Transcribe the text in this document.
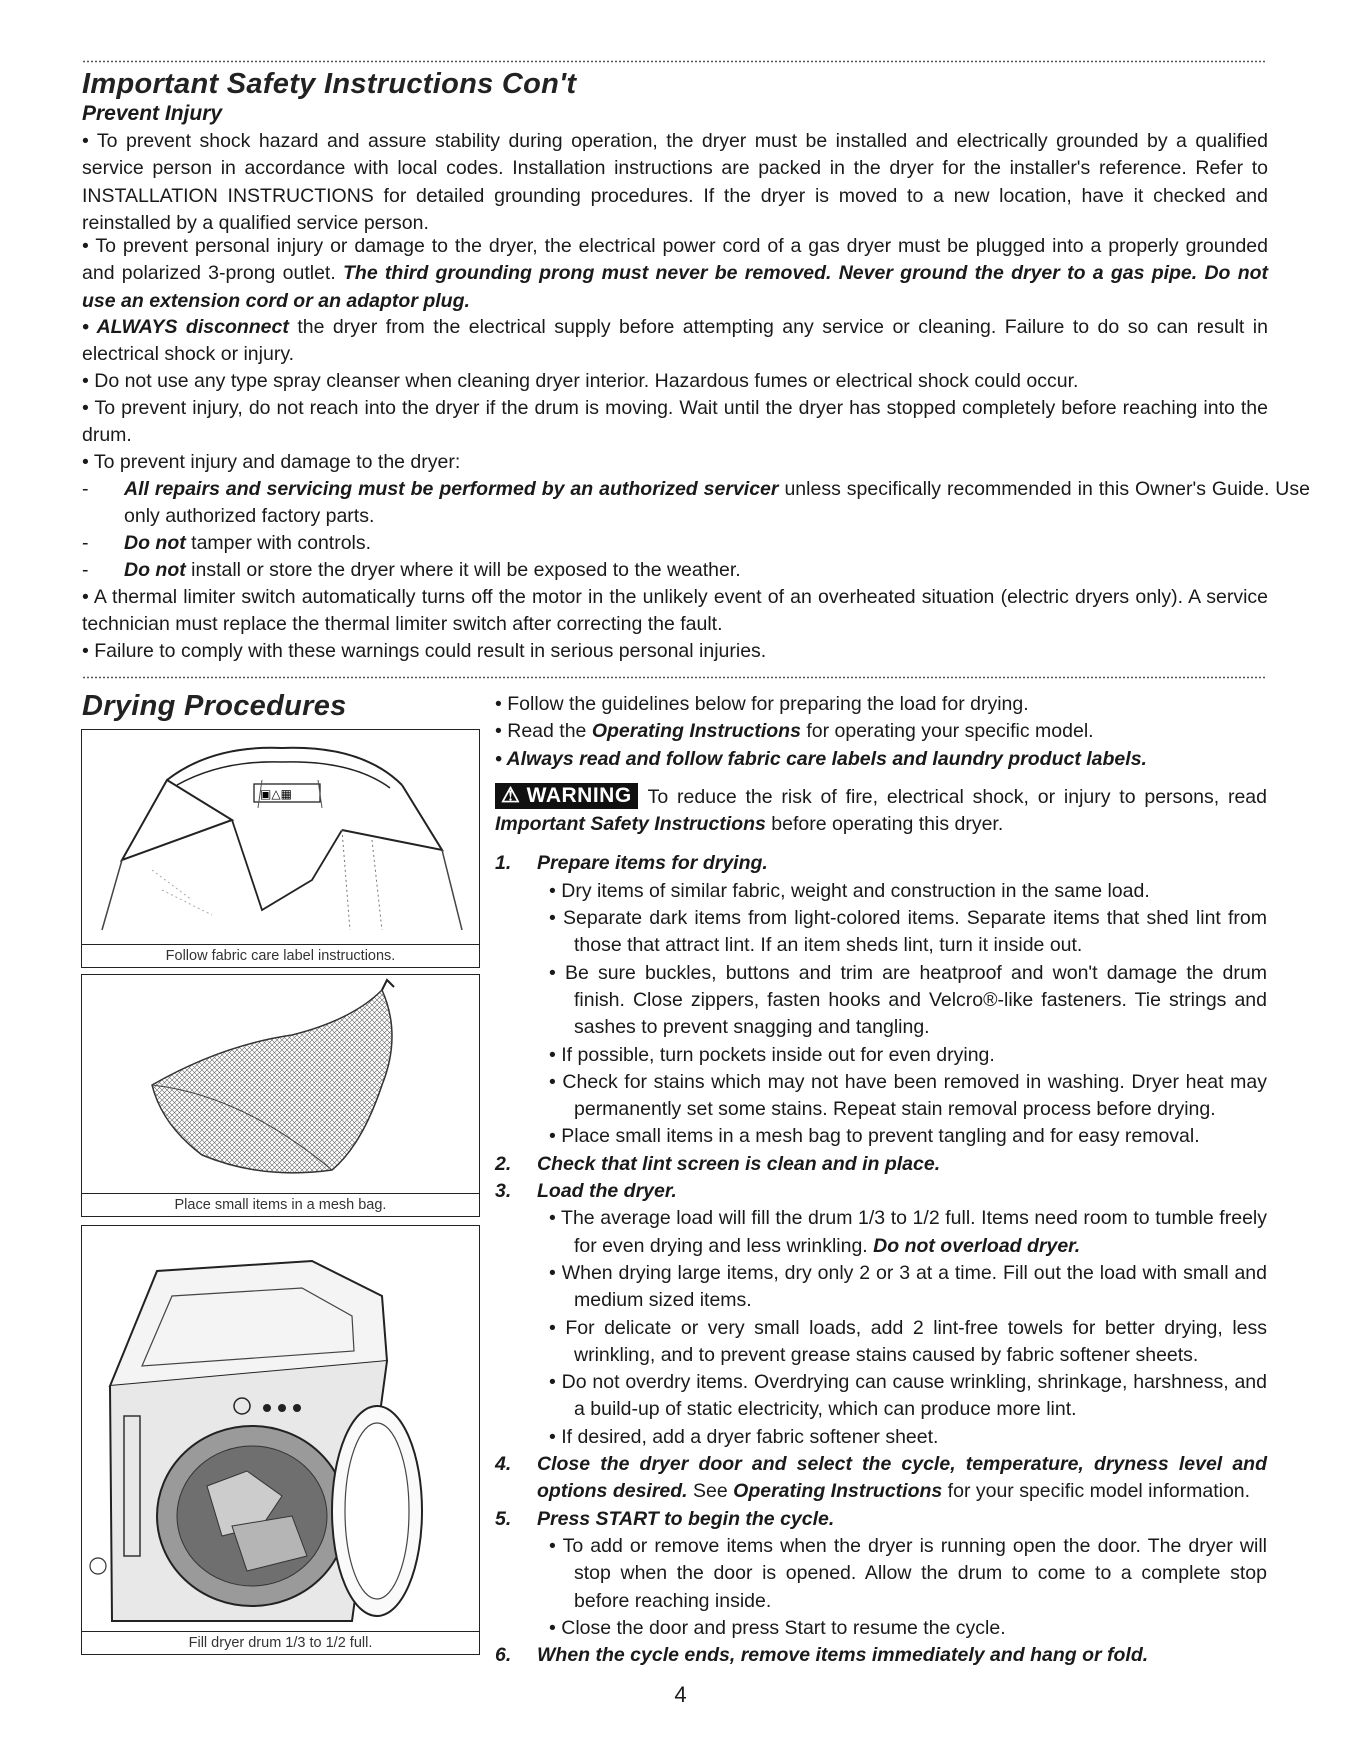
Important Safety Instructions Con't
Prevent Injury

• To prevent shock hazard and assure stability during operation, the dryer must be installed and electrically grounded by a qualified service person in accordance with local codes. Installation instructions are packed in the dryer for the installer's reference. Refer to INSTALLATION INSTRUCTIONS for detailed grounding procedures. If the dryer is moved to a new location, have it checked and reinstalled by a qualified service person.

• To prevent personal injury or damage to the dryer, the electrical power cord of a gas dryer must be plugged into a properly grounded and polarized 3-prong outlet. The third grounding prong must never be removed. Never ground the dryer to a gas pipe. Do not use an extension cord or an adaptor plug.

• ALWAYS disconnect the dryer from the electrical supply before attempting any service or cleaning. Failure to do so can result in electrical shock or injury.

• Do not use any type spray cleanser when cleaning dryer interior. Hazardous fumes or electrical shock could occur.

• To prevent injury, do not reach into the dryer if the drum is moving. Wait until the dryer has stopped completely before reaching into the drum.

• To prevent injury and damage to the dryer:

- All repairs and servicing must be performed by an authorized servicer unless specifically recommended in this Owner's Guide. Use only authorized factory parts.

- Do not tamper with controls.

- Do not install or store the dryer where it will be exposed to the weather.

• A thermal limiter switch automatically turns off the motor in the unlikely event of an overheated situation (electric dryers only). A service technician must replace the thermal limiter switch after correcting the fault.

• Failure to comply with these warnings could result in serious personal injuries.

Drying Procedures
▣△▦
Follow fabric care label instructions.
Place small items in a mesh bag.
Fill dryer drum 1/3 to 1/2 full.

• Follow the guidelines below for preparing the load for drying.

• Read the Operating Instructions for operating your specific model.

• Always read and follow fabric care labels and laundry product labels.

⚠ WARNING To reduce the risk of fire, electrical shock, or injury to persons, read Important Safety Instructions before operating this dryer.

1. Prepare items for drying.

• Dry items of similar fabric, weight and construction in the same load.

• Separate dark items from light-colored items. Separate items that shed lint from those that attract lint. If an item sheds lint, turn it inside out.

• Be sure buckles, buttons and trim are heatproof and won't damage the drum finish. Close zippers, fasten hooks and Velcro®-like fasteners. Tie strings and sashes to prevent snagging and tangling.

• If possible, turn pockets inside out for even drying.

• Check for stains which may not have been removed in washing. Dryer heat may permanently set some stains. Repeat stain removal process before drying.

• Place small items in a mesh bag to prevent tangling and for easy removal.

2. Check that lint screen is clean and in place.

3. Load the dryer.

• The average load will fill the drum 1/3 to 1/2 full. Items need room to tumble freely for even drying and less wrinkling. Do not overload dryer.

• When drying large items, dry only 2 or 3 at a time. Fill out the load with small and medium sized items.

• For delicate or very small loads, add 2 lint-free towels for better drying, less wrinkling, and to prevent grease stains caused by fabric softener sheets.

• Do not overdry items. Overdrying can cause wrinkling, shrinkage, harshness, and a build-up of static electricity, which can produce more lint.

• If desired, add a dryer fabric softener sheet.

4. Close the dryer door and select the cycle, temperature, dryness level and options desired. See Operating Instructions for your specific model information.

5. Press START to begin the cycle.

• To add or remove items when the dryer is running open the door. The dryer will stop when the door is opened. Allow the drum to come to a complete stop before reaching inside.

• Close the door and press Start to resume the cycle.

6. When the cycle ends, remove items immediately and hang or fold.

4
